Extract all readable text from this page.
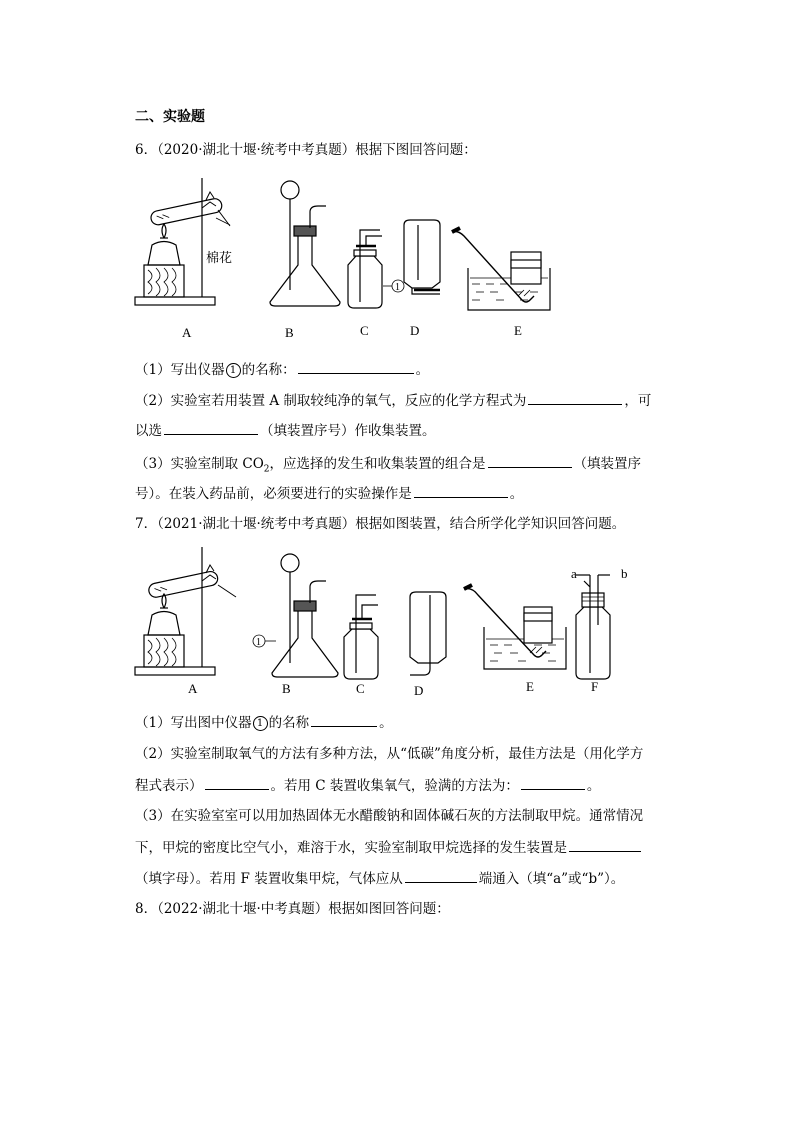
二、实验题
6．（2020·湖北十堰·统考中考真题）根据下图回答问题：
棉花
1
A	B	C	D	E
（1）写出仪器 1 的名称：	。
（2）实验室若用装置 A 制取较纯净的氧气，反应的化学方程式为	，可
以选	（填装置序号）作收集装置。
（3）实验室制取 $CO_2$，应选择的发生和收集装置的组合是	（填装置序
号）。在装入药品前，必须要进行的实验操作是	。
7．（2021·湖北十堰·统考中考真题）根据如图装置，结合所学化学知识回答问题。
1
a	b
A	B	C	D	E	F
（1）写出图中仪器 1 的名称	。
（2）实验室制取氧气的方法有多种方法，从“低碳”角度分析，最佳方法是（用化学方
程式表示）	。若用 C 装置收集氧气，验满的方法为：	。
（3）在实验室室可以用加热固体无水醋酸钠和固体碱石灰的方法制取甲烷。通常情况
下，甲烷的密度比空气小，难溶于水，实验室制取甲烷选择的发生装置是
（填字母）。若用 F 装置收集甲烷，气体应从	端通入（填“a”或“b”）。
8．（2022·湖北十堰·中考真题）根据如图回答问题：
